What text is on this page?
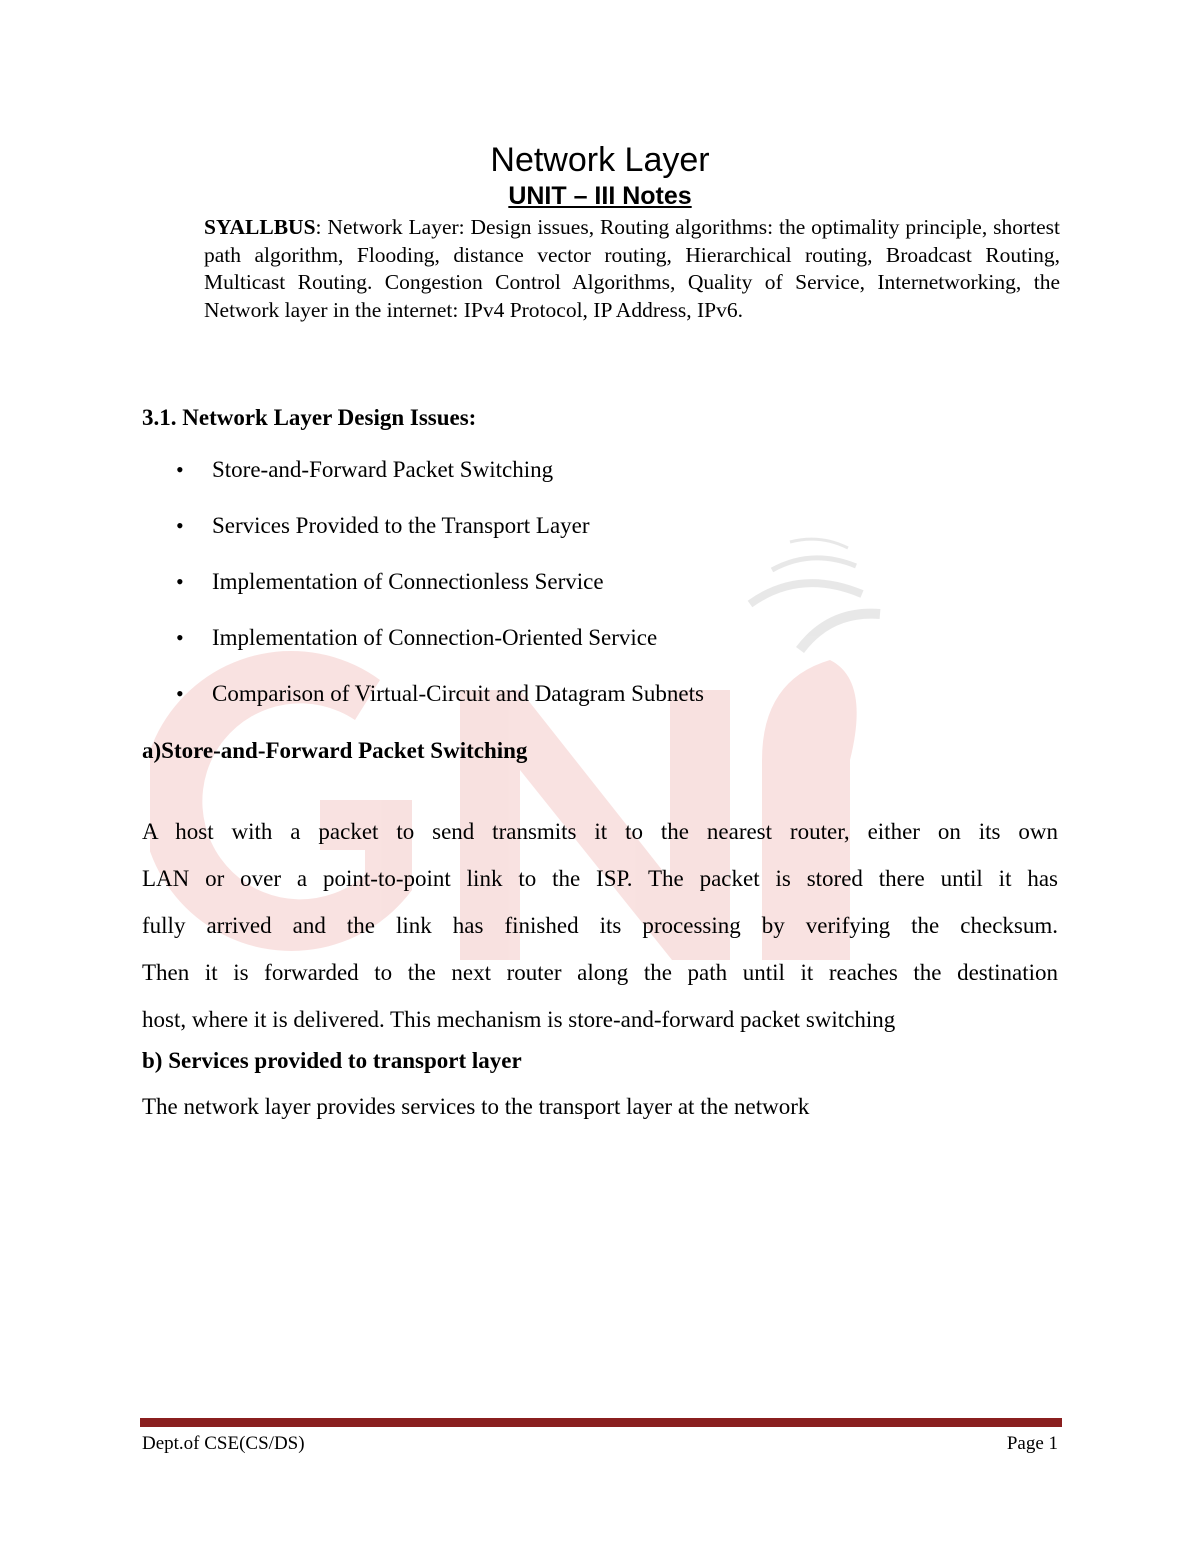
Network Layer
UNIT – III Notes

SYALLBUS: Network Layer: Design issues, Routing algorithms: the optimality principle, shortest path algorithm, Flooding, distance vector routing, Hierarchical routing, Broadcast Routing, Multicast Routing. Congestion Control Algorithms, Quality of Service, Internetworking, the Network layer in the internet: IPv4 Protocol, IP Address, IPv6.

3.1. Network Layer Design Issues:
• Store-and-Forward Packet Switching
• Services Provided to the Transport Layer
• Implementation of Connectionless Service
• Implementation of Connection-Oriented Service
• Comparison of Virtual-Circuit and Datagram Subnets
a)Store-and-Forward Packet Switching

A host with a packet to send transmits it to the nearest router, either on its own
LAN or over a point-to-point link to the ISP. The packet is stored there until it has
fully arrived and the link has finished its processing by verifying the checksum.
Then it is forwarded to the next router along the path until it reaches the destination
host, where it is delivered. This mechanism is store-and-forward packet switching

b) Services provided to transport layer
The network layer provides services to the transport layer at the network
Dept.of CSE(CS/DS)	Page 1
